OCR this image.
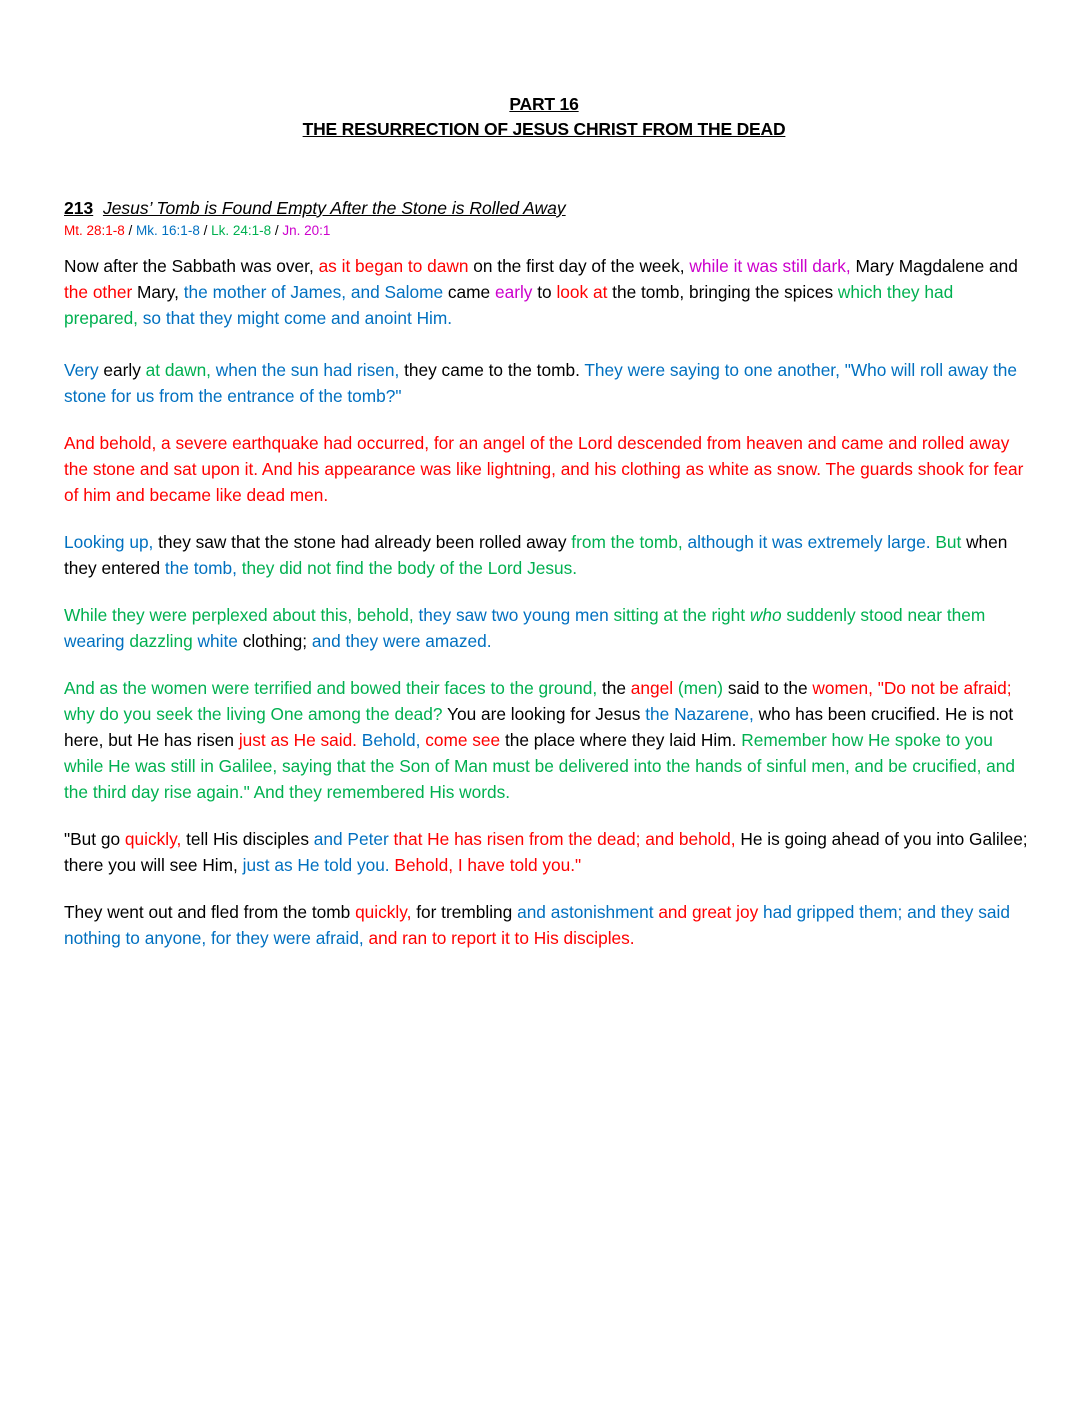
PART 16
THE RESURRECTION OF JESUS CHRIST FROM THE DEAD
213 Jesus’ Tomb is Found Empty After the Stone is Rolled Away
Mt. 28:1-8 / Mk. 16:1-8 / Lk. 24:1-8 / Jn. 20:1

Now after the Sabbath was over, as it began to dawn on the first day of the week, while it was still dark, Mary Magdalene and the other Mary, the mother of James, and Salome came early to look at the tomb, bringing the spices which they had prepared, so that they might come and anoint Him.

Very early at dawn, when the sun had risen, they came to the tomb. They were saying to one another, "Who will roll away the stone for us from the entrance of the tomb?"

And behold, a severe earthquake had occurred, for an angel of the Lord descended from heaven and came and rolled away the stone and sat upon it. And his appearance was like lightning, and his clothing as white as snow. The guards shook for fear of him and became like dead men.

Looking up, they saw that the stone had already been rolled away from the tomb, although it was extremely large. But when they entered the tomb, they did not find the body of the Lord Jesus.

While they were perplexed about this, behold, they saw two young men sitting at the right who suddenly stood near them wearing dazzling white clothing; and they were amazed.

And as the women were terrified and bowed their faces to the ground, the angel (men) said to the women, "Do not be afraid; why do you seek the living One among the dead? You are looking for Jesus the Nazarene, who has been crucified. He is not here, but He has risen just as He said. Behold, come see the place where they laid Him. Remember how He spoke to you while He was still in Galilee, saying that the Son of Man must be delivered into the hands of sinful men, and be crucified, and the third day rise again." And they remembered His words.

"But go quickly, tell His disciples and Peter that He has risen from the dead; and behold, He is going ahead of you into Galilee; there you will see Him, just as He told you. Behold, I have told you."

They went out and fled from the tomb quickly, for trembling and astonishment and great joy had gripped them; and they said nothing to anyone, for they were afraid, and ran to report it to His disciples.
